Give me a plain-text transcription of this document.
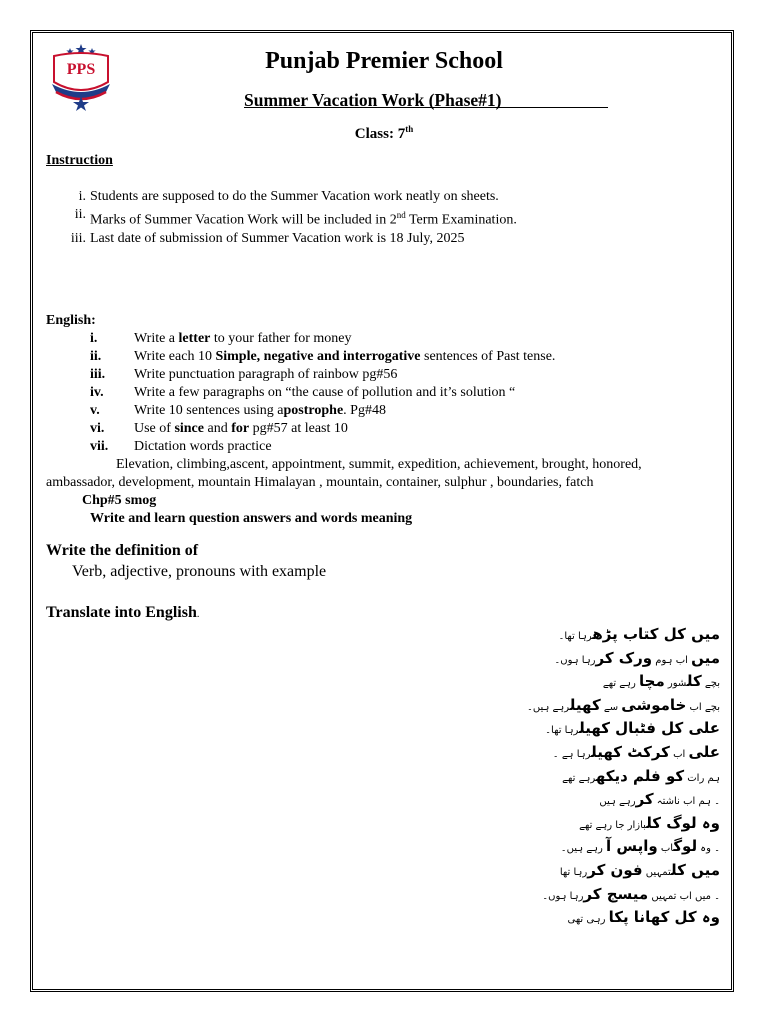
PPS	Punjab Premier School
Summer Vacation Work (Phase#1)
Class: 7th
Instruction
i. Students are supposed to do the Summer Vacation work neatly on sheets.
ii. Marks of Summer Vacation Work will be included in 2nd Term Examination.
iii. Last date of submission of Summer Vacation work is 18 July, 2025
English:
i.	Write a letter to your father for money
ii.	Write each 10 Simple, negative and interrogative sentences of Past tense.
iii.	Write punctuation paragraph of rainbow pg#56
iv.	Write a few paragraphs on “the cause of pollution and it’s solution “
v.	Write 10 sentences using apostrophe. Pg#48
vi.	Use of since and for pg#57 at least 10
vii.	Dictation words practice
Elevation, climbing,ascent, appointment, summit, expedition, achievement, brought, honored, ambassador, development, mountain Himalayan , mountain, container, sulphur , boundaries, fatch
Chp#5 smog
Write and learn question answers and words meaning
Write the definition of
Verb, adjective, pronouns with example
Translate into English.
میں کل کتاب پڑھرہا تھا۔
میں اب ہوم ورک کررہا ہوں۔
بچے کلشور مچا رہے تھے
بچے اب خاموشی سے کھیلرہے ہیں۔
علی کل فٹبال کھیلرہا تھا۔
علی اب کرکٹ کھیلرہا ہے ۔
ہم رات کو فلم دیکھرہے تھے
۔ ہم اب ناشتہ کررہے ہیں
وہ لوگ کلبازار جا رہے تھے
۔ وہ لوگاب واپس آ رہے ہیں۔
میں کلتمہیں فون کررہا تھا
۔ میں اب تمہیں میسج کررہا ہوں۔
وہ کل کھانا پکا رہی تھی
